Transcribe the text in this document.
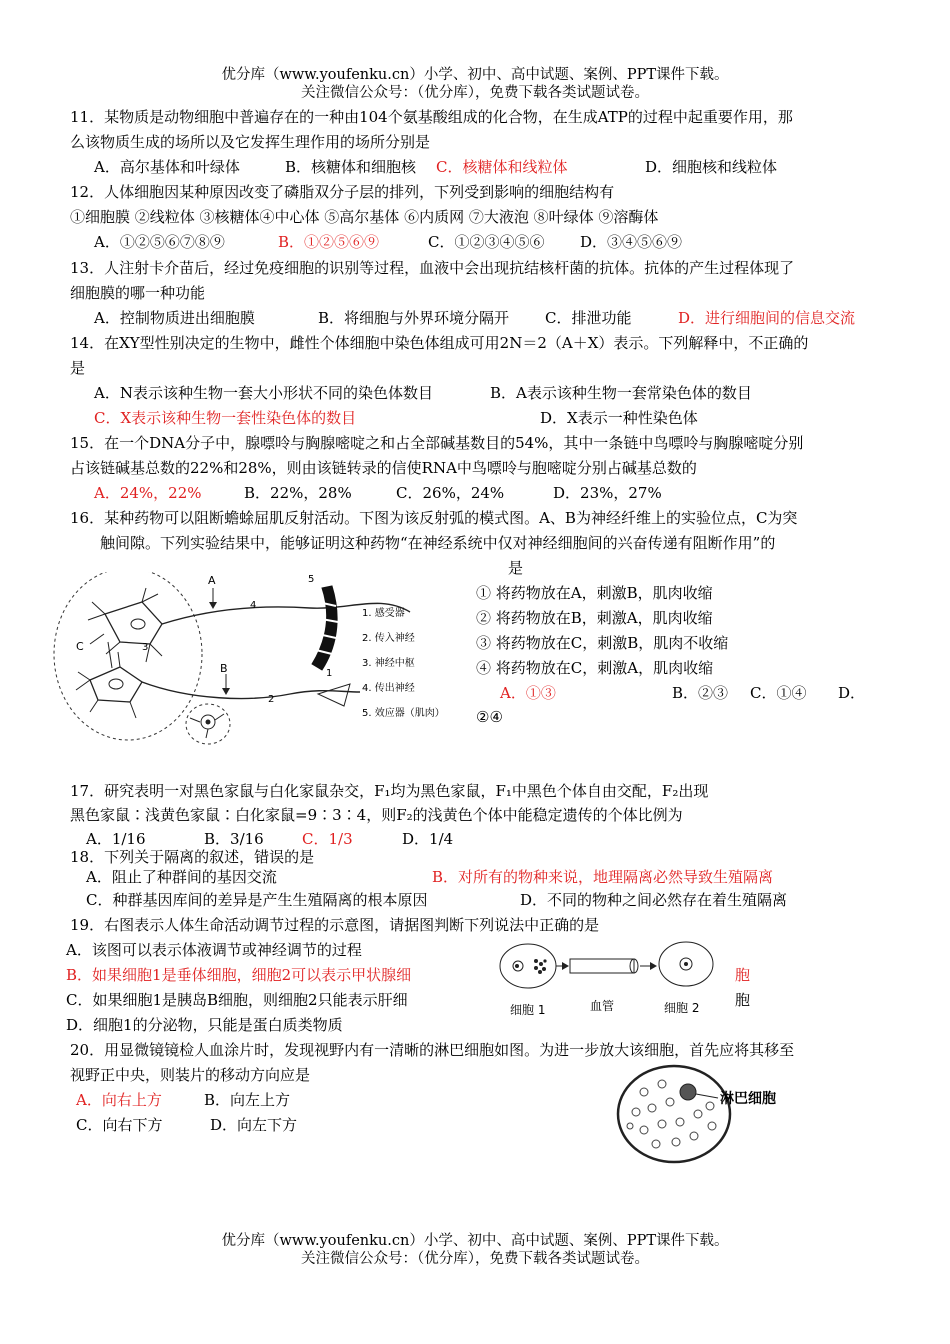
优分库（www.youfenku.cn）小学、初中、高中试题、案例、PPT课件下载。
关注微信公众号：（优分库），免费下载各类试题试卷。
11．某物质是动物细胞中普遍存在的一种由104个氨基酸组成的化合物，在生成ATP的过程中起重要作用，那
么该物质生成的场所以及它发挥生理作用的场所分别是
A．高尔基体和叶绿体	B．核糖体和细胞核 C．核糖体和线粒体	D．细胞核和线粒体
12．人体细胞因某种原因改变了磷脂双分子层的排列，下列受到影响的细胞结构有
①细胞膜 ②线粒体 ③核糖体④中心体 ⑤高尔基体 ⑥内质网 ⑦大液泡 ⑧叶绿体 ⑨溶酶体
A．①②⑤⑥⑦⑧⑨	B．①②⑤⑥⑨	C．①②③④⑤⑥ D．③④⑤⑥⑨
13．人注射卡介苗后，经过免疫细胞的识别等过程，血液中会出现抗结核杆菌的抗体。抗体的产生过程体现了
细胞膜的哪一种功能
A．控制物质进出细胞膜	B．将细胞与外界环境分隔开 C．排泄功能	D．进行细胞间的信息交流
14．在XY型性别决定的生物中，雌性个体细胞中染色体组成可用2N＝2（A＋X）表示。下列解释中，不正确的
是
A．N表示该种生物一套大小形状不同的染色体数目	B．A表示该种生物一套常染色体的数目
C．X表示该种生物一套性染色体的数目	D．X表示一种性染色体
15．在一个DNA分子中，腺嘌呤与胸腺嘧啶之和占全部碱基数目的54%，其中一条链中鸟嘌呤与胸腺嘧啶分别
占该链碱基总数的22%和28%，则由该链转录的信使RNA中鸟嘌呤与胞嘧啶分别占碱基总数的
A．24%，22%	B．22%，28%	C．26%，24%	D．23%，27%
16．某种药物可以阻断蟾蜍屈肌反射活动。下图为该反射弧的模式图。A、B为神经纤维上的实验位点，C为突
触间隙。下列实验结果中，能够证明这种药物“在神经系统中仅对神经细胞间的兴奋传递有阻断作用”的
是
A
B
C
1
2
3
4
5
1. 感受器
2. 传入神经
3. 神经中枢
4. 传出神经
5. 效应器（肌肉）
① 将药物放在A，刺激B，肌肉收缩
② 将药物放在B，刺激A，肌肉收缩
③ 将药物放在C，刺激B，肌肉不收缩
④ 将药物放在C，刺激A，肌肉收缩
A．①③	B．②③ C．①④ D．
②④
17．研究表明一对黑色家鼠与白化家鼠杂交，F₁均为黑色家鼠，F₁中黑色个体自由交配，F₂出现
黑色家鼠∶浅黄色家鼠∶白化家鼠=9∶3∶4，则F₂的浅黄色个体中能稳定遗传的个体比例为
A．1/16	B．3/16	C．1/3	D．1/4
18．下列关于隔离的叙述，错误的是
A．阻止了种群间的基因交流	B．对所有的物种来说，地理隔离必然导致生殖隔离
C．种群基因库间的差异是产生生殖隔离的根本原因	D．不同的物种之间必然存在着生殖隔离
19．右图表示人体生命活动调节过程的示意图，请据图判断下列说法中正确的是
A．该图可以表示体液调节或神经调节的过程
B．如果细胞1是垂体细胞，细胞2可以表示甲状腺细	胞
C．如果细胞1是胰岛B细胞，则细胞2只能表示肝细	胞
D．细胞1的分泌物，只能是蛋白质类物质
细胞 1	血管	细胞 2
20．用显微镜镜检人血涂片时，发现视野内有一清晰的淋巴细胞如图。为进一步放大该细胞，首先应将其移至
视野正中央，则装片的移动方向应是
A．向右上方	B．向左上方
C．向右下方	D．向左下方
淋巴细胞
优分库（www.youfenku.cn）小学、初中、高中试题、案例、PPT课件下载。
关注微信公众号：（优分库），免费下载各类试题试卷。
